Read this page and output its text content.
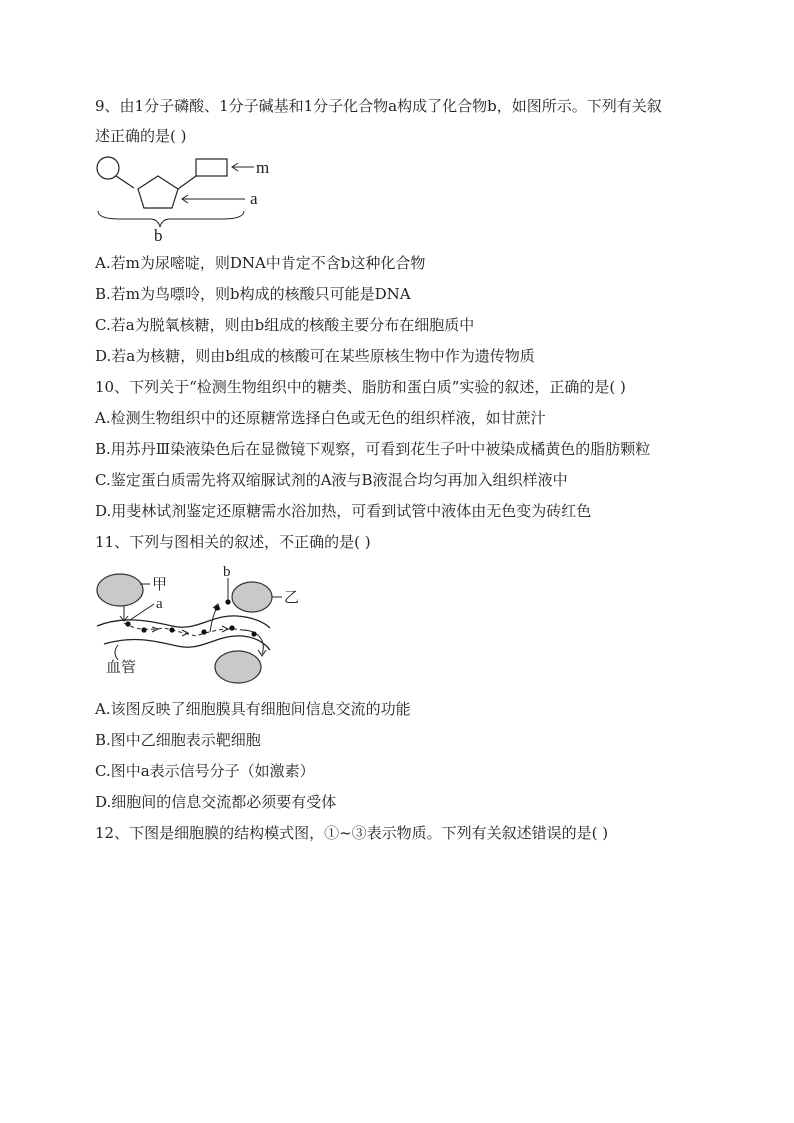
9、由1分子磷酸、1分子碱基和1分子化合物a构成了化合物b，如图所示。下列有关叙
述正确的是( )
m
a
b
A.若m为尿嘧啶，则DNA中肯定不含b这种化合物
B.若m为鸟嘌呤，则b构成的核酸只可能是DNA
C.若a为脱氧核糖，则由b组成的核酸主要分布在细胞质中
D.若a为核糖，则由b组成的核酸可在某些原核生物中作为遗传物质
10、下列关于“检测生物组织中的糖类、脂肪和蛋白质”实验的叙述，正确的是( )
A.检测生物组织中的还原糖常选择白色或无色的组织样液，如甘蔗汁
B.用苏丹Ⅲ染液染色后在显微镜下观察，可看到花生子叶中被染成橘黄色的脂肪颗粒
C.鉴定蛋白质需先将双缩脲试剂的A液与B液混合均匀再加入组织样液中
D.用斐林试剂鉴定还原糖需水浴加热，可看到试管中液体由无色变为砖红色
11、下列与图相关的叙述，不正确的是( )
甲
a
b
乙
血管
A.该图反映了细胞膜具有细胞间信息交流的功能
B.图中乙细胞表示靶细胞
C.图中a表示信号分子（如激素）
D.细胞间的信息交流都必须要有受体
12、下图是细胞膜的结构模式图，①~③表示物质。下列有关叙述错误的是( )
